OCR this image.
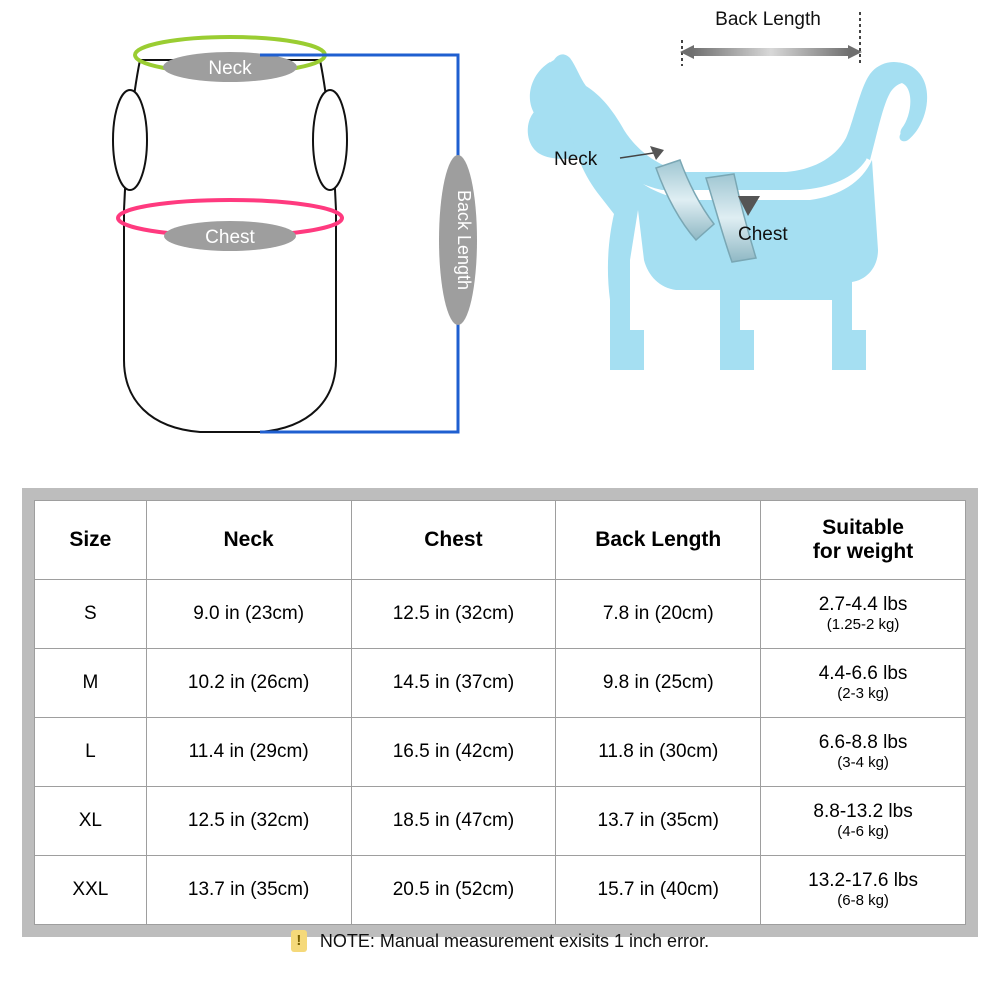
Neck
Chest	Back Length
Back Length
Neck
Chest
Size	Neck	Chest	Back Length	Suitable
for weight
S	9.0 in (23cm)	12.5 in (32cm)	7.8 in (20cm)	2.7-4.4 lbs
(1.25-2 kg)

M	10.2 in (26cm)	14.5 in (37cm)	9.8 in (25cm)	4.4-6.6 lbs
(2-3 kg)

L	11.4 in (29cm)	16.5 in (42cm)	11.8 in (30cm)	6.6-8.8 lbs
(3-4 kg)

XL	12.5 in (32cm)	18.5 in (47cm)	13.7 in (35cm)	8.8-13.2 lbs
(4-6 kg)

XXL	13.7 in (35cm)	20.5 in (52cm)	15.7 in (40cm)	13.2-17.6 lbs
(6-8 kg)
! NOTE: Manual measurement exisits 1 inch error.
